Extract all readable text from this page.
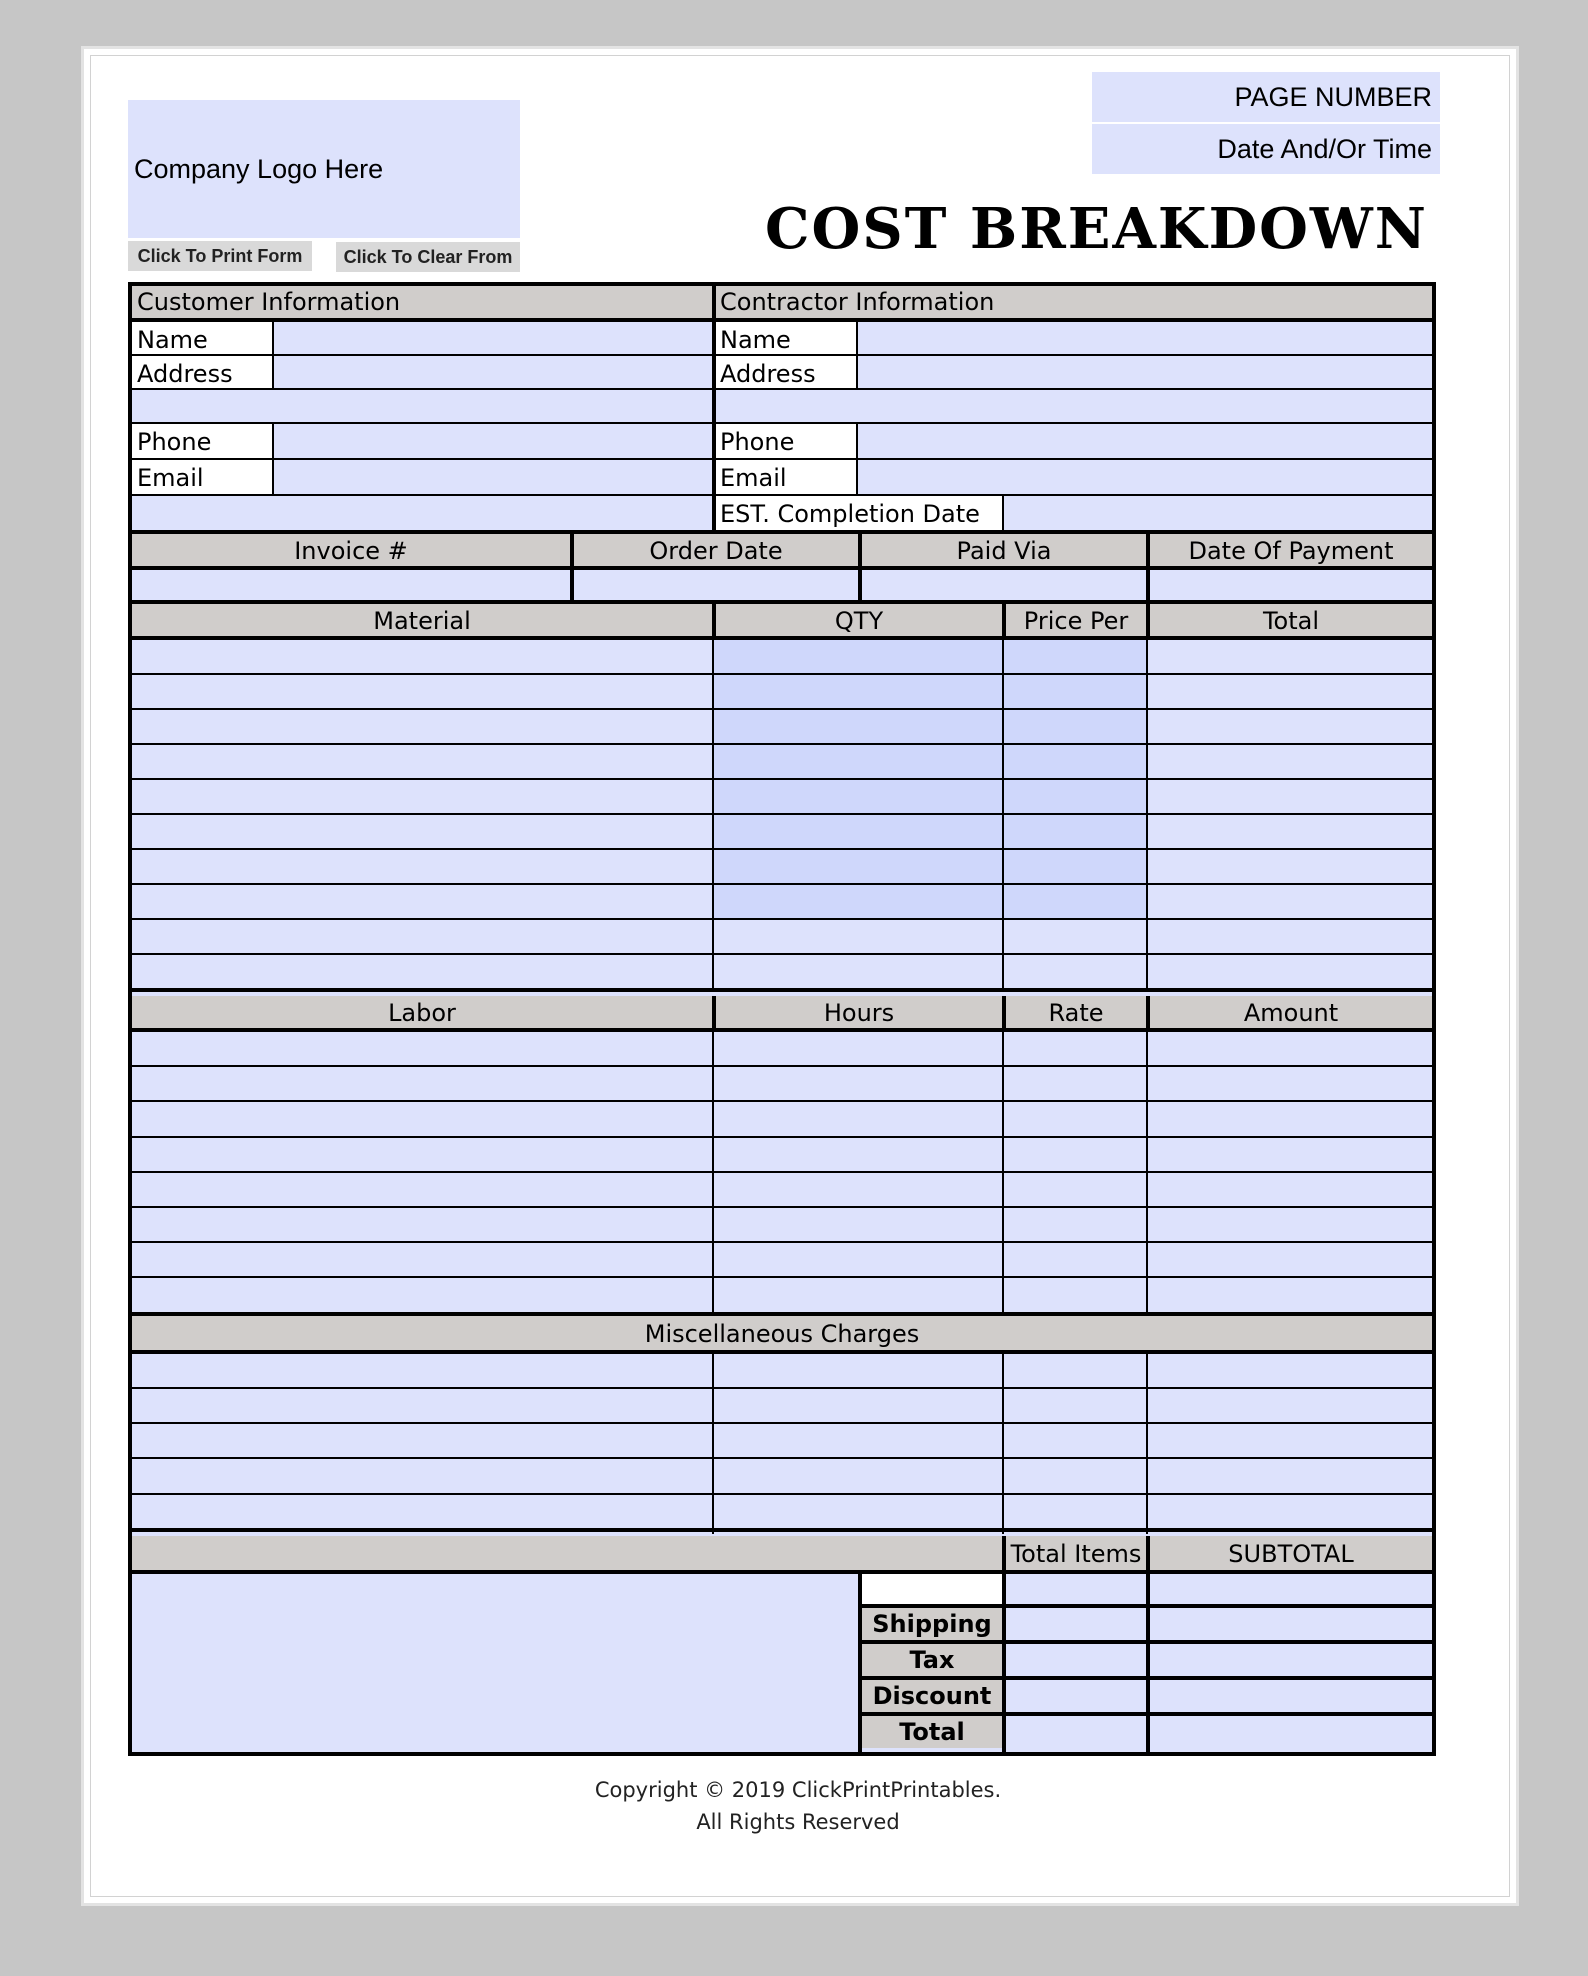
Company Logo Here
Click To Print Form	Click To Clear From
PAGE NUMBER
Date And/Or Time
COST BREAKDOWN
Customer Information	Contractor Information
Name	Name
Address	Address
Phone	Phone
Email	Email
EST. Completion Date
Invoice #	Order Date	Paid Via	Date Of Payment
Material	QTY	Price Per	Total
Labor	Hours	Rate	Amount
Miscellaneous Charges
Total Items	SUBTOTAL
Shipping
Tax
Discount
Total
Copyright © 2019 ClickPrintPrintables.
All Rights Reserved
